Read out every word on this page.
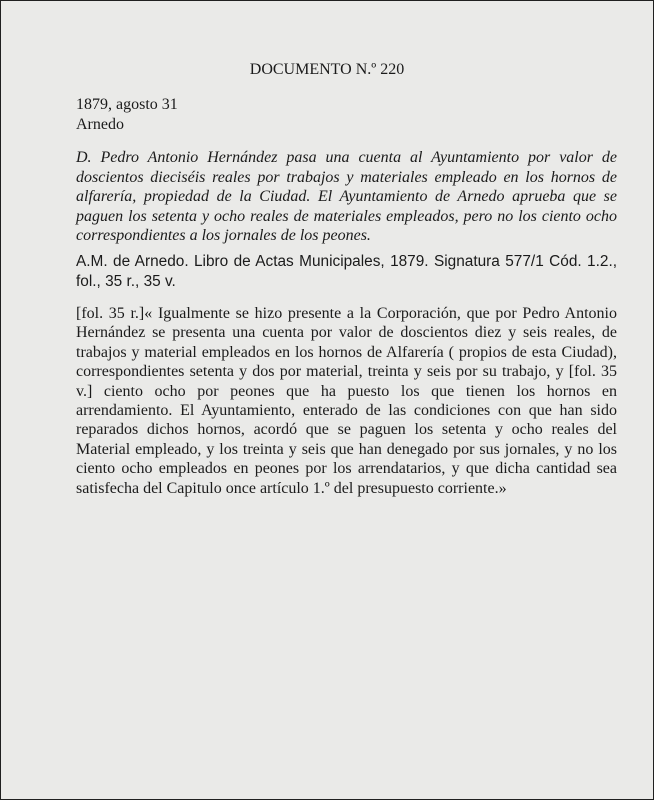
DOCUMENTO N.º 220
1879, agosto 31
Arnedo
D. Pedro Antonio Hernández pasa una cuenta al Ayuntamiento por valor de doscientos dieciséis reales por trabajos y materiales empleado en los hornos de alfarería, propiedad de la Ciudad. El Ayuntamiento de Arnedo aprueba que se paguen los setenta y ocho reales de materiales empleados, pero no los ciento ocho correspondientes a los jornales de los peones.
A.M. de Arnedo. Libro de Actas Municipales, 1879. Signatura 577/1 Cód. 1.2., fol., 35 r., 35 v.
[fol. 35 r.]« Igualmente se hizo presente a la Corporación, que por Pedro Antonio Hernández se presenta una cuenta por valor de doscientos diez y seis reales, de trabajos y material empleados en los hornos de Alfarería ( propios de esta Ciudad), correspondientes setenta y dos por material, treinta y seis por su trabajo, y [fol. 35 v.] ciento ocho por peones que ha puesto los que tienen los hornos en arrendamiento. El Ayuntamiento, enterado de las condiciones con que han sido reparados dichos hornos, acordó que se paguen los setenta y ocho reales del Material empleado, y los treinta y seis que han denegado por sus jornales, y no los ciento ocho empleados en peones por los arrendatarios, y que dicha cantidad sea satisfecha del Capitulo once artículo 1.º del presupuesto corriente.»
